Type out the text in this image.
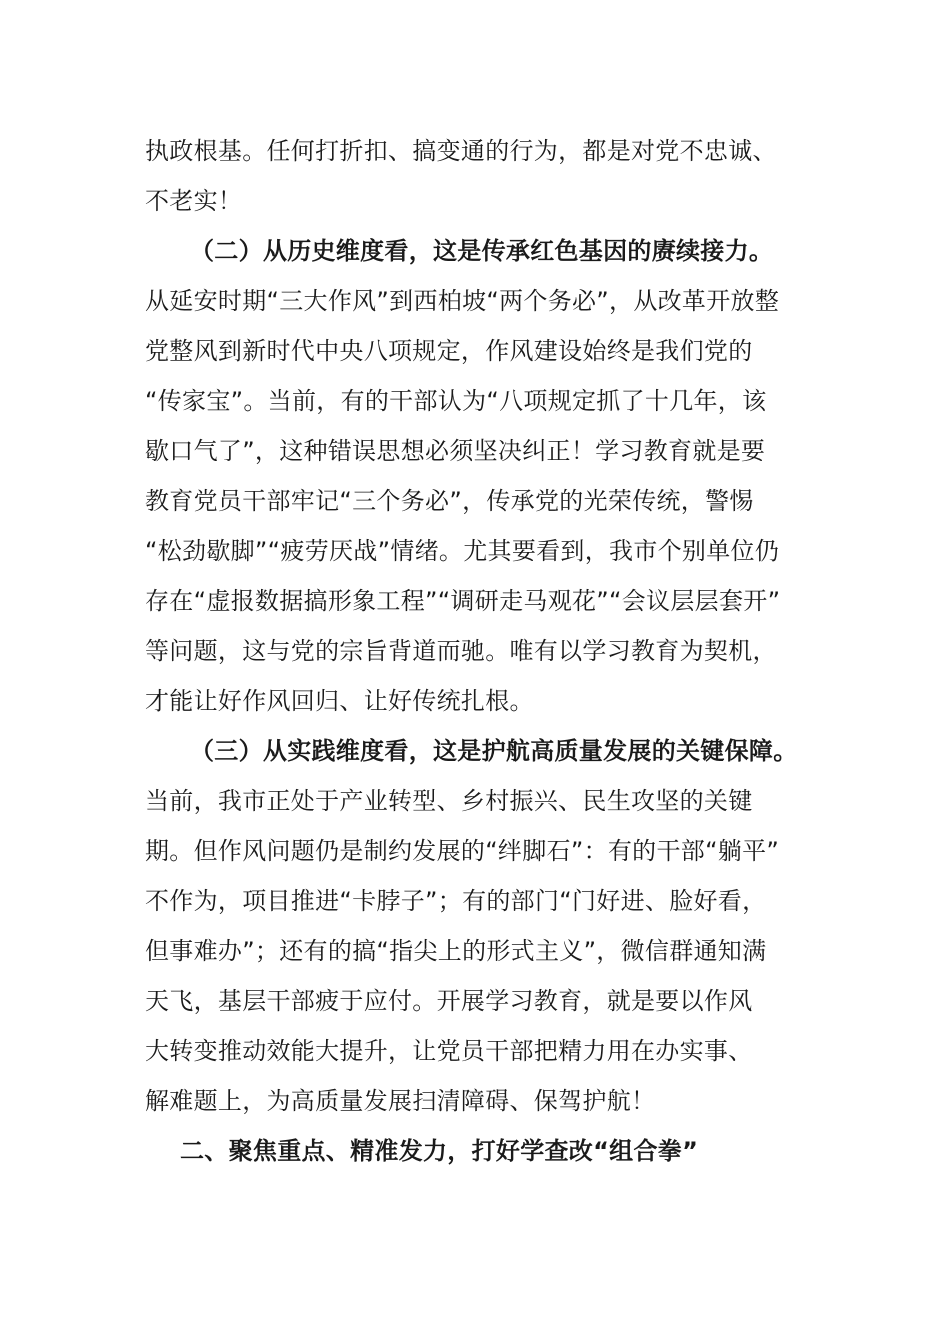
执政根基。任何打折扣、搞变通的行为，都是对党不忠诚、
不老实！
（二）从历史维度看，这是传承红色基因的赓续接力。
从延安时期“三大作风”到西柏坡“两个务必”，从改革开放整
党整风到新时代中央八项规定，作风建设始终是我们党的
“传家宝”。当前，有的干部认为“八项规定抓了十几年，该
歇口气了”，这种错误思想必须坚决纠正！学习教育就是要
教育党员干部牢记“三个务必”，传承党的光荣传统，警惕
“松劲歇脚”“疲劳厌战”情绪。尤其要看到，我市个别单位仍
存在“虚报数据搞形象工程”“调研走马观花”“会议层层套开”
等问题，这与党的宗旨背道而驰。唯有以学习教育为契机，
才能让好作风回归、让好传统扎根。
（三）从实践维度看，这是护航高质量发展的关键保障。
当前，我市正处于产业转型、乡村振兴、民生攻坚的关键
期。但作风问题仍是制约发展的“绊脚石”：有的干部“躺平”
不作为，项目推进“卡脖子”；有的部门“门好进、脸好看，
但事难办”；还有的搞“指尖上的形式主义”，微信群通知满
天飞，基层干部疲于应付。开展学习教育，就是要以作风
大转变推动效能大提升，让党员干部把精力用在办实事、
解难题上，为高质量发展扫清障碍、保驾护航！
二、聚焦重点、精准发力，打好学查改“组合拳”
